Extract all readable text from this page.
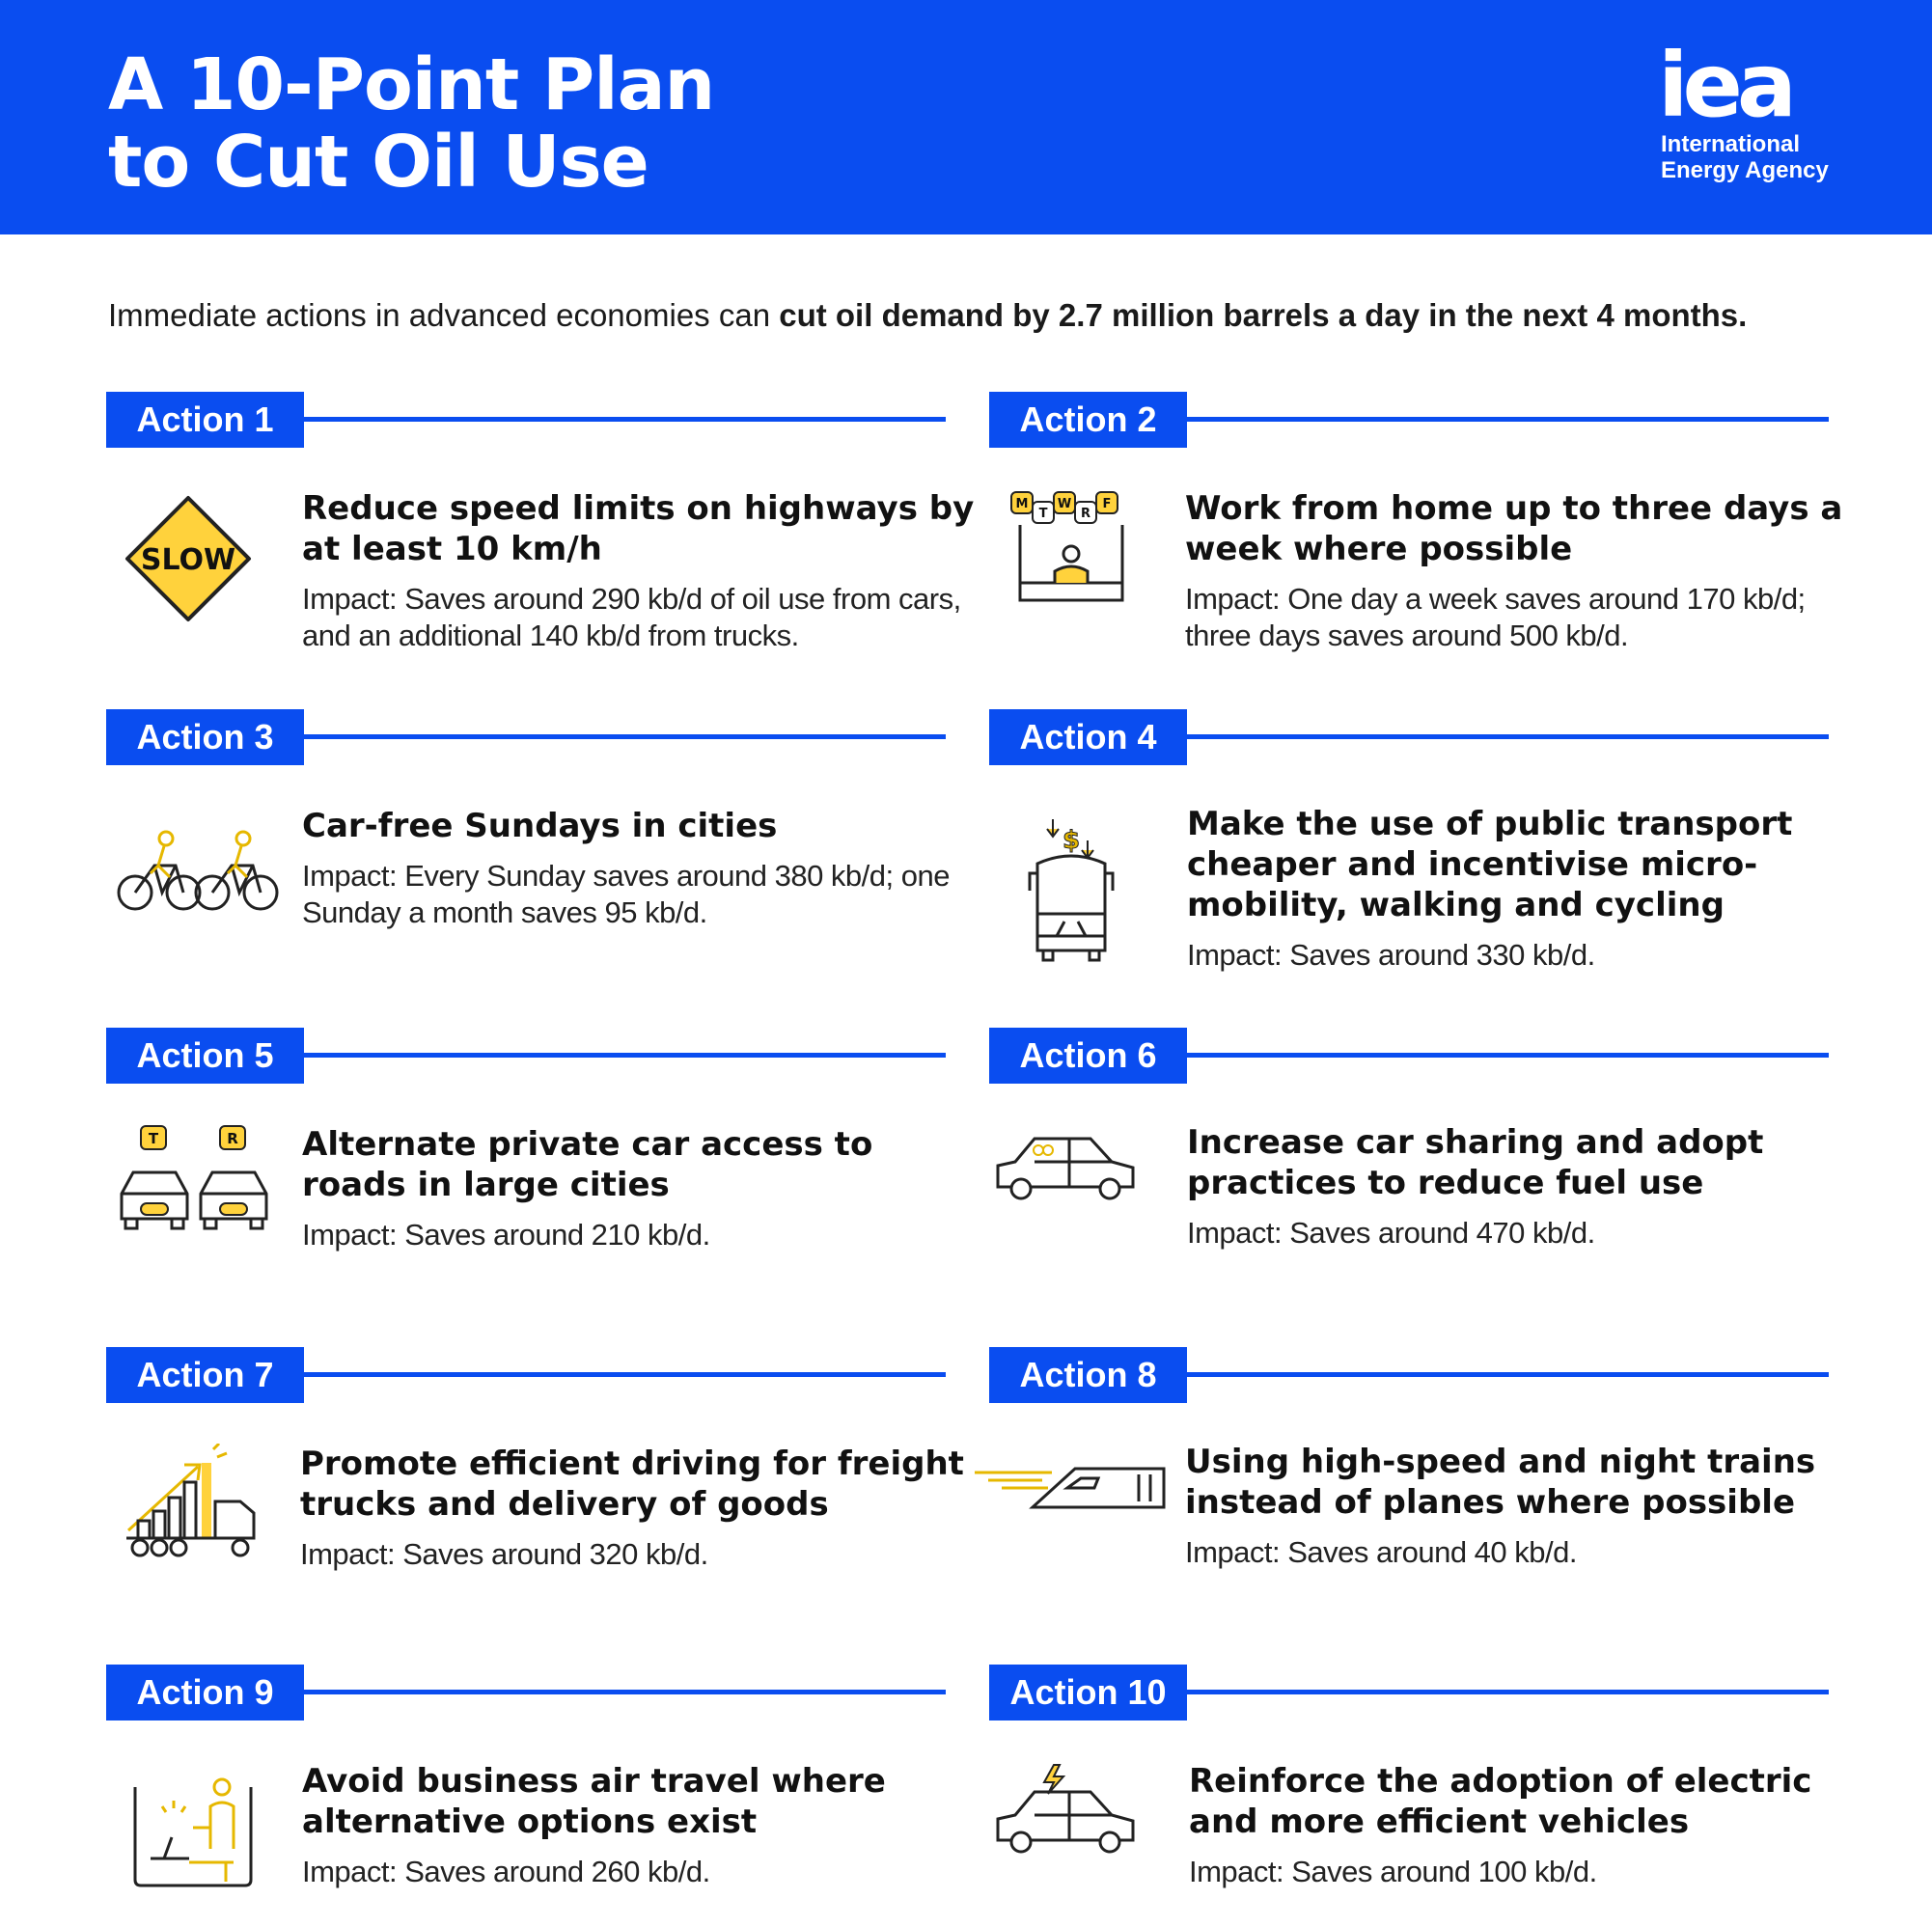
A 10-Point Plan
to Cut Oil Use
iea
International
Energy Agency
Immediate actions in advanced economies can cut oil demand by 2.7 million barrels a day in the next 4 months.
Action 1
SLOW
Reduce speed limits on highways by at least 10 km/h
Impact: Saves around 290 kb/d of oil use from cars, and an additional 140 kb/d from trucks.
Action 2
M
T
W
R
F Work from home up to three days a week where possible
Impact: One day a week saves around 170 kb/d; three days saves around 500 kb/d.
Action 3
Car-free Sundays in cities
Impact: Every Sunday saves around 380 kb/d; one Sunday a month saves 95 kb/d.
Action 4
$	Make the use of public transport cheaper and incentivise micro-mobility, walking and cycling
Impact: Saves around 330 kb/d.
Action 5
T	R Alternate private car access to roads in large cities
Impact: Saves around 210 kb/d.
Action 6
Increase car sharing and adopt practices to reduce fuel use
Impact: Saves around 470 kb/d.
Action 7
Promote efficient driving for freight trucks and delivery of goods
Impact: Saves around 320 kb/d.
Action 8
Using high-speed and night trains instead of planes where possible
Impact: Saves around 40 kb/d.
Action 9
Avoid business air travel where alternative options exist
Impact: Saves around 260 kb/d.
Action 10
Reinforce the adoption of electric and more efficient vehicles
Impact: Saves around 100 kb/d.
